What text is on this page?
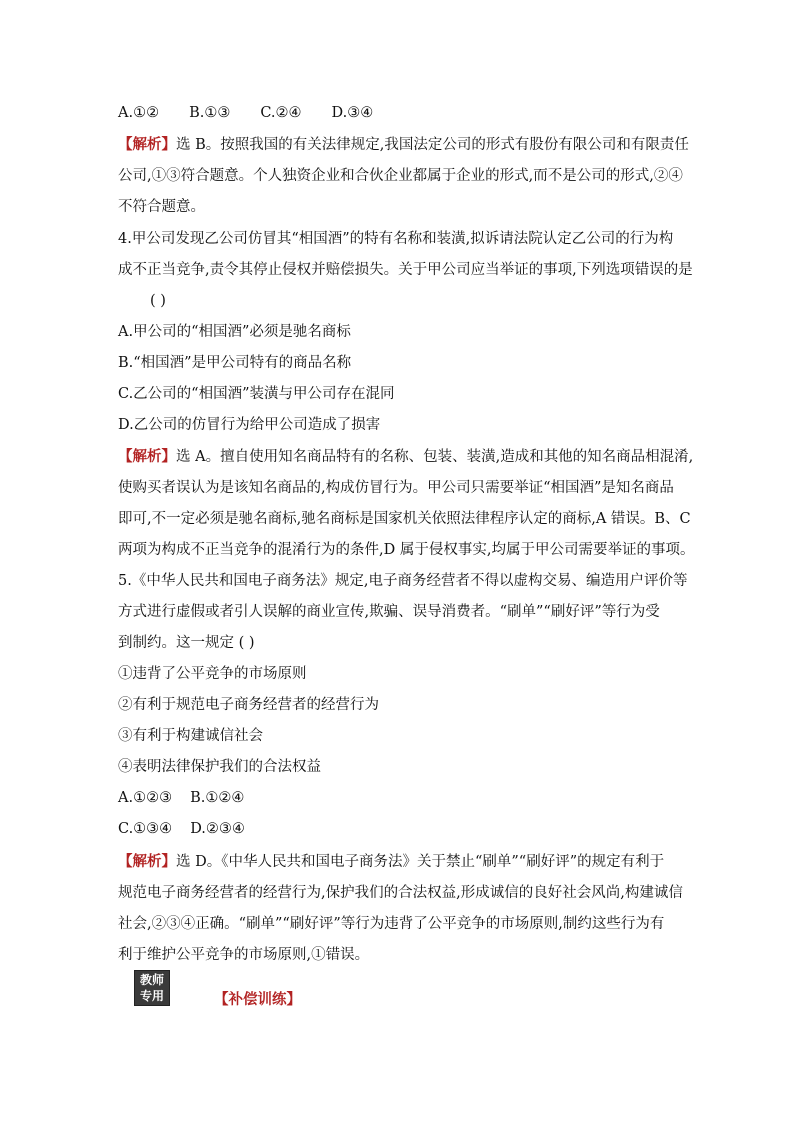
A.①② B.①③ C.②④ D.③④
【解析】选 B。按照我国的有关法律规定,我国法定公司的形式有股份有限公司和有限责任
公司,①③符合题意。个人独资企业和合伙企业都属于企业的形式,而不是公司的形式,②④
不符合题意。
4.甲公司发现乙公司仿冒其“相国酒”的特有名称和装潢,拟诉请法院认定乙公司的行为构
成不正当竞争,责令其停止侵权并赔偿损失。关于甲公司应当举证的事项,下列选项错误的是
( )
A.甲公司的“相国酒”必须是驰名商标
B.“相国酒”是甲公司特有的商品名称
C.乙公司的“相国酒”装潢与甲公司存在混同
D.乙公司的仿冒行为给甲公司造成了损害
【解析】选 A。擅自使用知名商品特有的名称、包装、装潢,造成和其他的知名商品相混淆,
使购买者误认为是该知名商品的,构成仿冒行为。甲公司只需要举证“相国酒”是知名商品
即可,不一定必须是驰名商标,驰名商标是国家机关依照法律程序认定的商标,A 错误。B、C
两项为构成不正当竞争的混淆行为的条件,D 属于侵权事实,均属于甲公司需要举证的事项。
5.《中华人民共和国电子商务法》规定,电子商务经营者不得以虚构交易、编造用户评价等
方式进行虚假或者引人误解的商业宣传,欺骗、误导消费者。“刷单”“刷好评”等行为受
到制约。这一规定 ( )
①违背了公平竞争的市场原则
②有利于规范电子商务经营者的经营行为
③有利于构建诚信社会
④表明法律保护我们的合法权益
A.①②③ B.①②④
C.①③④ D.②③④
【解析】选 D。《中华人民共和国电子商务法》关于禁止“刷单”“刷好评”的规定有利于
规范电子商务经营者的经营行为,保护我们的合法权益,形成诚信的良好社会风尚,构建诚信
社会,②③④正确。“刷单”“刷好评”等行为违背了公平竞争的市场原则,制约这些行为有
利于维护公平竞争的市场原则,①错误。
教师
专用	【补偿训练】
